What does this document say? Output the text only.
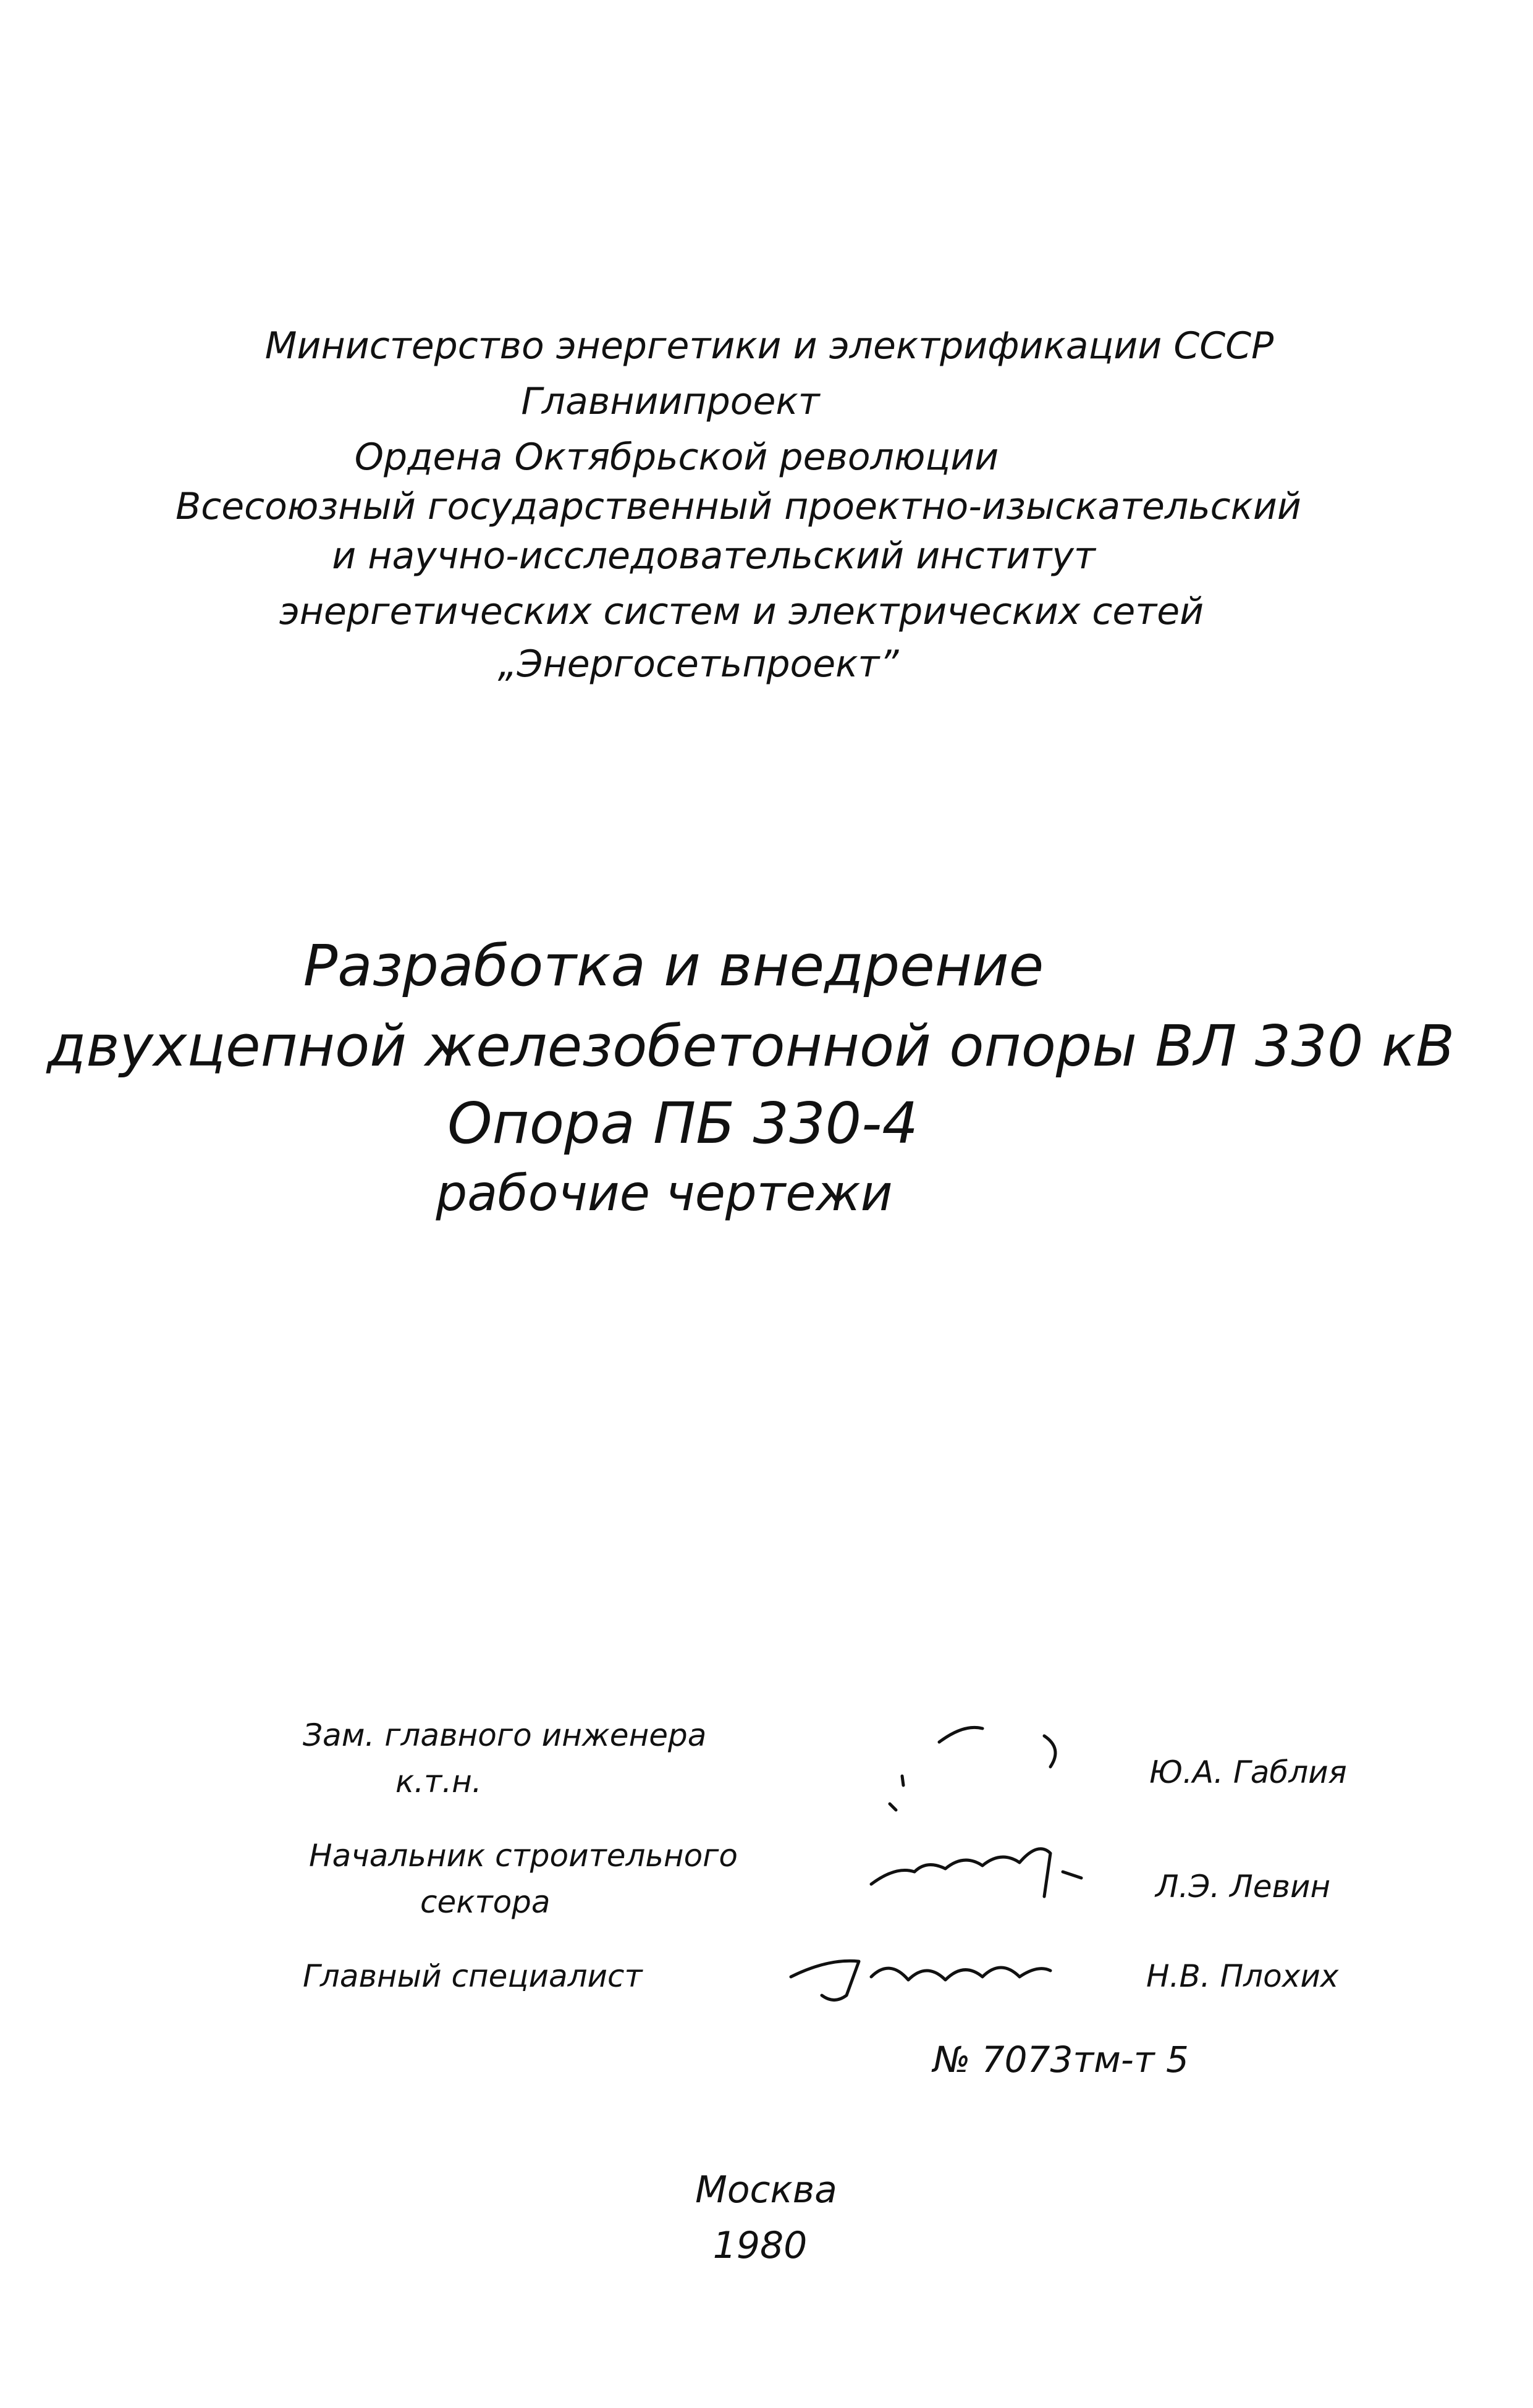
Министерство энергетики и электрификации СССР
Главниипроект
Ордена Октябрьской революции
Всесоюзный государственный проектно-изыскательский
и научно-исследовательский институт
энергетических систем и электрических сетей
„Энергосетьпроект”
Разработка и внедрение
двухцепной железобетонной опоры ВЛ 330 кВ
Опора ПБ 330-4
рабочие чертежи
Зам. главного инженера
к.т.н.	Ю.А. Габлия
Начальник строительного
сектора	Л.Э. Левин
Главный специалист	Н.В. Плохих
№ 7073тм-т 5
Москва
1980
